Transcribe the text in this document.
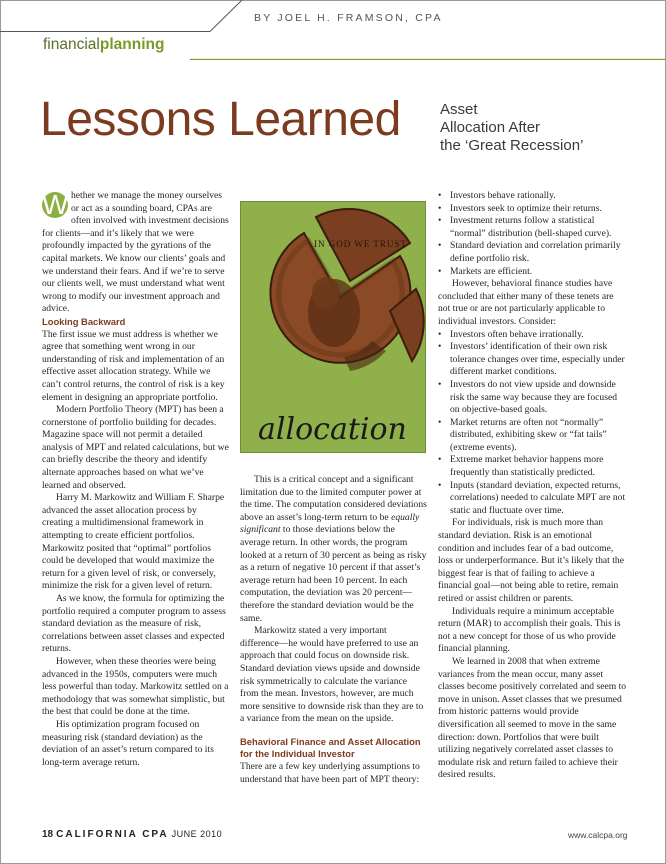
BY JOEL H. FRAMSON, CPA
financialplanning
Lessons Learned	Asset
Allocation After
the ‘Great Recession’

W hether we manage the money ourselves or act as a sounding board, CPAs are often involved with investment decisions for clients—and it’s likely that we were profoundly impacted by the gyrations of the capital markets. We know our clients’ goals and we understand their fears. And if we’re to serve our clients well, we must understand what went wrong to modify our investment approach and advice.

Looking Backward

The first issue we must address is whether we agree that something went wrong in our understanding of risk and implementation of an effective asset allocation strategy. While we can’t control returns, the control of risk is a key element in designing an appropriate portfolio.

Modern Portfolio Theory (MPT) has been a cornerstone of portfolio building for decades. Magazine space will not permit a detailed analysis of MPT and related calculations, but we can briefly describe the theory and identify alternate approaches based on what we’ve learned and observed.

Harry M. Markowitz and William F. Sharpe advanced the asset allocation process by creating a multidimensional framework in attempting to create efficient portfolios. Markowitz posited that “optimal” portfolios could be developed that would maximize the return for a given level of risk, or conversely, minimize the risk for a given level of return.

As we know, the formula for optimizing the portfolio required a computer program to assess standard deviation as the measure of risk, correlations between asset classes and expected returns.

However, when these theories were being advanced in the 1950s, computers were much less powerful than today. Markowitz settled on a methodology that was somewhat simplistic, but the best that could be done at the time.

His optimization program focused on measuring risk (standard deviation) as the deviation of an asset’s return compared to its long-term average return.

IN GOD WE TRUST
allocation

This is a critical concept and a significant limitation due to the limited computer power at the time. The computation considered deviations above an asset’s long-term return to be equally significant to those deviations below the average return. In other words, the program looked at a return of 30 percent as being as risky as a return of negative 10 percent if that asset’s average return had been 10 percent. In each computation, the deviation was 20 percent—therefore the standard deviation would be the same.

Markowitz stated a very important difference—he would have preferred to use an approach that could focus on downside risk. Standard deviation views upside and downside risk symmetrically to calculate the variance from the mean. Investors, however, are much more sensitive to downside risk than they are to a variance from the mean on the upside.

Behavioral Finance and Asset Allocation for the Individual Investor

There are a few key underlying assumptions to understand that have been part of MPT theory:

• Investors behave rationally.
• Investors seek to optimize their returns.
• Investment returns follow a statistical “normal” distribution (bell-shaped curve).
• Standard deviation and correlation primarily define portfolio risk.
• Markets are efficient.

However, behavioral finance studies have concluded that either many of these tenets are not true or are not particularly applicable to individual investors. Consider:

• Investors often behave irrationally.
• Investors’ identification of their own risk tolerance changes over time, especially under different market conditions.
• Investors do not view upside and downside risk the same way because they are focused on objective-based goals.
• Market returns are often not “normally” distributed, exhibiting skew or “fat tails” (extreme events).
• Extreme market behavior happens more frequently than statistically predicted.
• Inputs (standard deviation, expected returns, correlations) needed to calculate MPT are not static and fluctuate over time.

For individuals, risk is much more than standard deviation. Risk is an emotional condition and includes fear of a bad outcome, loss or underperformance. But it’s likely that the biggest fear is that of failing to achieve a financial goal—not being able to retire, remain retired or assist children or parents.

Individuals require a minimum acceptable return (MAR) to accomplish their goals. This is not a new concept for those of us who provide financial planning.

We learned in 2008 that when extreme variances from the mean occur, many asset classes become positively correlated and seem to move in unison. Asset classes that we presumed from historic patterns would provide diversification all seemed to move in the same direction: down. Portfolios that were built utilizing negatively correlated asset classes to modulate risk and return failed to achieve their desired results.

18 CALIFORNIA CPA JUNE 2010	www.calcpa.org
